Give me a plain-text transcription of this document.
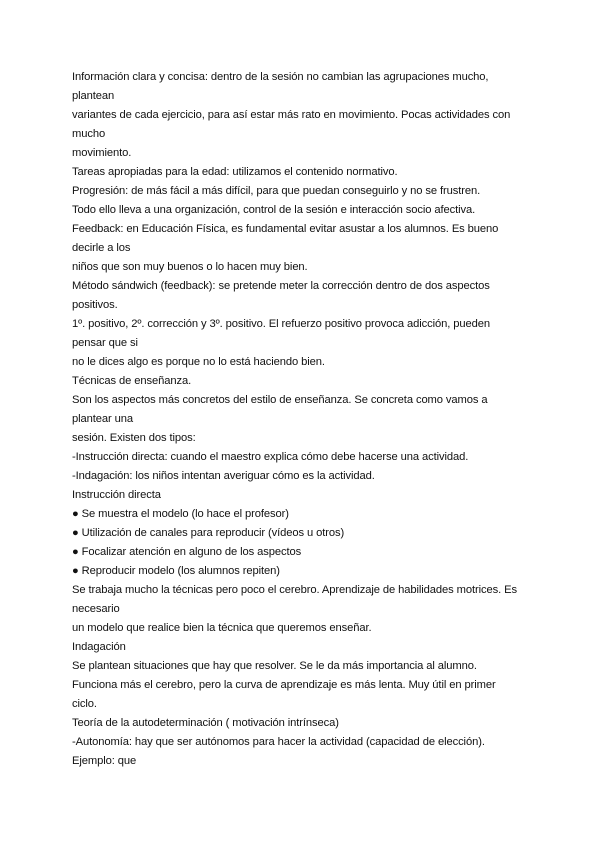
Información clara y concisa: dentro de la sesión no cambian las agrupaciones mucho,
plantean
variantes de cada ejercicio, para así estar más rato en movimiento. Pocas actividades con
mucho
movimiento.
Tareas apropiadas para la edad: utilizamos el contenido normativo.
Progresión: de más fácil a más difícil, para que puedan conseguirlo y no se frustren.
Todo ello lleva a una organización, control de la sesión e interacción socio afectiva.
Feedback: en Educación Física, es fundamental evitar asustar a los alumnos. Es bueno
decirle a los
niños que son muy buenos o lo hacen muy bien.
Método sándwich (feedback): se pretende meter la corrección dentro de dos aspectos
positivos.
1º. positivo, 2º. corrección y 3º. positivo. El refuerzo positivo provoca adicción, pueden
pensar que si
no le dices algo es porque no lo está haciendo bien.
Técnicas de enseñanza.
Son los aspectos más concretos del estilo de enseñanza. Se concreta como vamos a
plantear una
sesión. Existen dos tipos:
-Instrucción directa: cuando el maestro explica cómo debe hacerse una actividad.
-Indagación: los niños intentan averiguar cómo es la actividad.
Instrucción directa
● Se muestra el modelo (lo hace el profesor)
● Utilización de canales para reproducir (vídeos u otros)
● Focalizar atención en alguno de los aspectos
● Reproducir modelo (los alumnos repiten)
Se trabaja mucho la técnicas pero poco el cerebro. Aprendizaje de habilidades motrices. Es
necesario
un modelo que realice bien la técnica que queremos enseñar.
Indagación
Se plantean situaciones que hay que resolver. Se le da más importancia al alumno.
Funciona más el cerebro, pero la curva de aprendizaje es más lenta. Muy útil en primer
ciclo.
Teoría de la autodeterminación ( motivación intrínseca)
-Autonomía: hay que ser autónomos para hacer la actividad (capacidad de elección).
Ejemplo: que
